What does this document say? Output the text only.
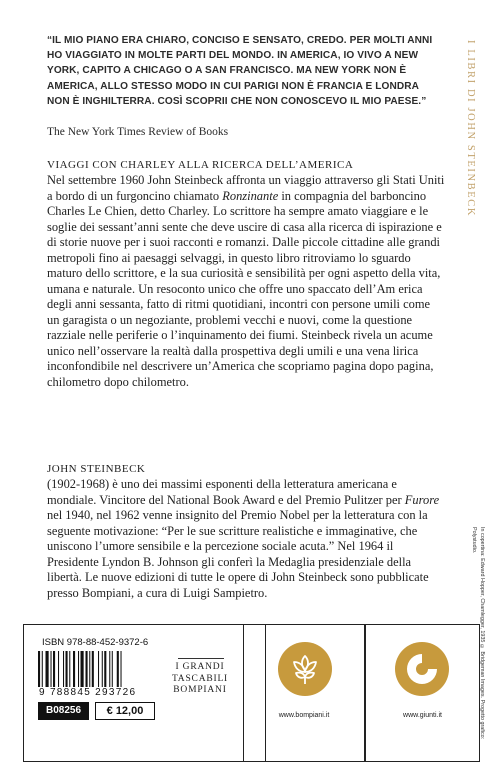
“IL MIO PIANO ERA CHIARO, CONCISO E SENSATO, CREDO. PER MOLTI ANNI HO VIAGGIATO IN MOLTE PARTI DEL MONDO. IN AMERICA, IO VIVO A NEW YORK, CAPITO A CHICAGO O A SAN FRANCISCO. MA NEW YORK NON È AMERICA, ALLO STESSO MODO IN CUI PARIGI NON È FRANCIA E LONDRA NON È INGHILTERRA. COSÌ SCOPRII CHE NON CONOSCEVO IL MIO PAESE.”
The New York Times Review of Books
VIAGGI CON CHARLEY ALLA RICERCA DELL’AMERICA
Nel settembre 1960 John Steinbeck affronta un viaggio attraverso gli Stati Uniti a bordo di un furgoncino chiamato Ronzinante in compagnia del barboncino Charles Le Chien, detto Charley. Lo scrittore ha sempre amato viaggiare e le soglie dei sessant’anni sente che deve uscire di casa alla ricerca di ispirazione e di storie nuove per i suoi racconti e romanzi. Dalle piccole cittadine alle grandi metropoli fino ai paesaggi selvaggi, in questo libro ritroviamo lo sguardo maturo dello scrittore, e la sua curiosità e sensibilità per ogni aspetto della vita, umana e naturale. Un resoconto unico che offre uno spaccato dell’Am erica degli anni sessanta, fatto di ritmi quotidiani, incontri con persone umili come un garagista o un negoziante, problemi vecchi e nuovi, come la questione razziale nelle periferie o l’inquinamento dei fiumi. Steinbeck rivela un acume unico nell’osservare la realtà dalla prospettiva degli umili e una vena lirica inconfondibile nel descrivere un’America che scopriamo pagina dopo pagina, chilometro dopo chilometro.
JOHN STEINBECK
(1902-1968) è uno dei massimi esponenti della letteratura americana e mondiale. Vincitore del National Book Award e del Premio Pulitzer per Furore nel 1940, nel 1962 venne insignito del Premio Nobel per la letteratura con la seguente motivazione: “Per le sue scritture realistiche e immaginative, che uniscono l’umore sensibile e la percezione sociale acuta.” Nel 1964 il Presidente Lyndon B. Johnson gli conferì la Medaglia presidenziale della libertà. Le nuove edizioni di tutte le opere di John Steinbeck sono pubblicate presso Bompiani, a cura di Luigi Sampietro.
I LIBRI DI JOHN STEINBECK
In copertina: Edward Hopper, Chamlegger, 1935 © Bridgeman Images. Progetto grafico: Polystudio.
ISBN 978-88-452-9372-6
9 788845 293726
B08256	€ 12,00
I GRANDI
TASCABILI
BOMPIANI
www.bompiani.it	www.giunti.it
